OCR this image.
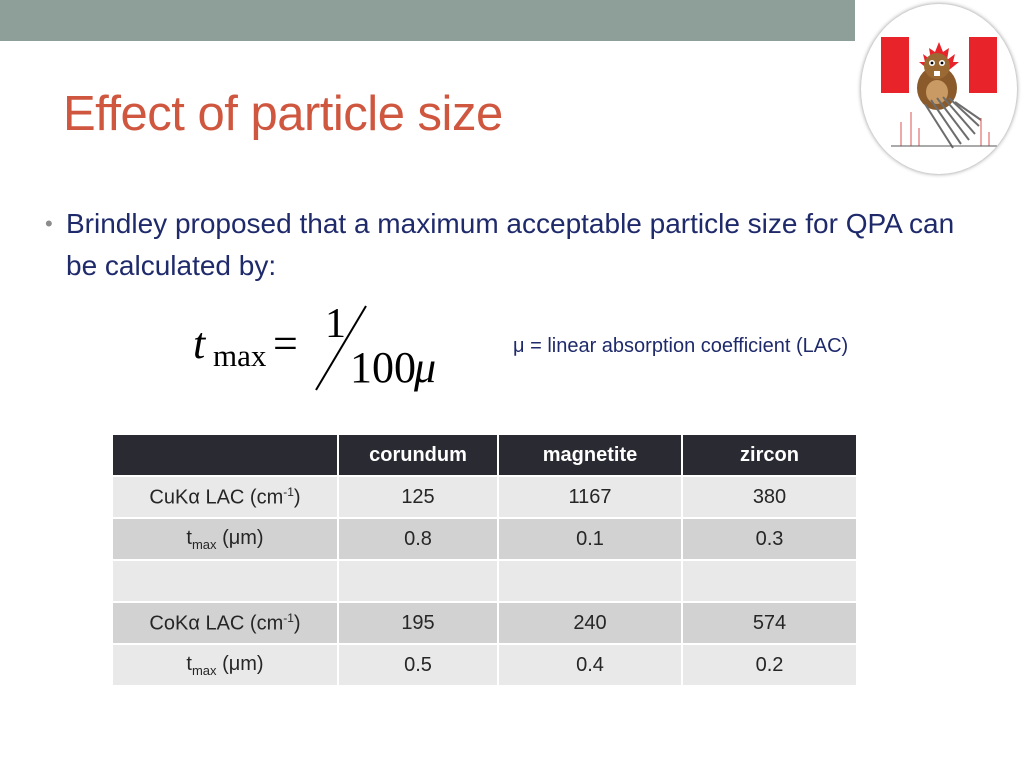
Effect of particle size
• Brindley proposed that a maximum acceptable particle size for QPA can be calculated by:
t max = 1
100
μ	μ = linear absorption coefficient (LAC)
	corundum	magnetite	zircon
CuKα LAC $(cm^{-1})$	125	1167	380
$t_{max}$ (μm)	0.8	0.1	0.3

CoKα LAC $(cm^{-1})$	195	240	574
$t_{max}$ (μm)	0.5	0.4	0.2
